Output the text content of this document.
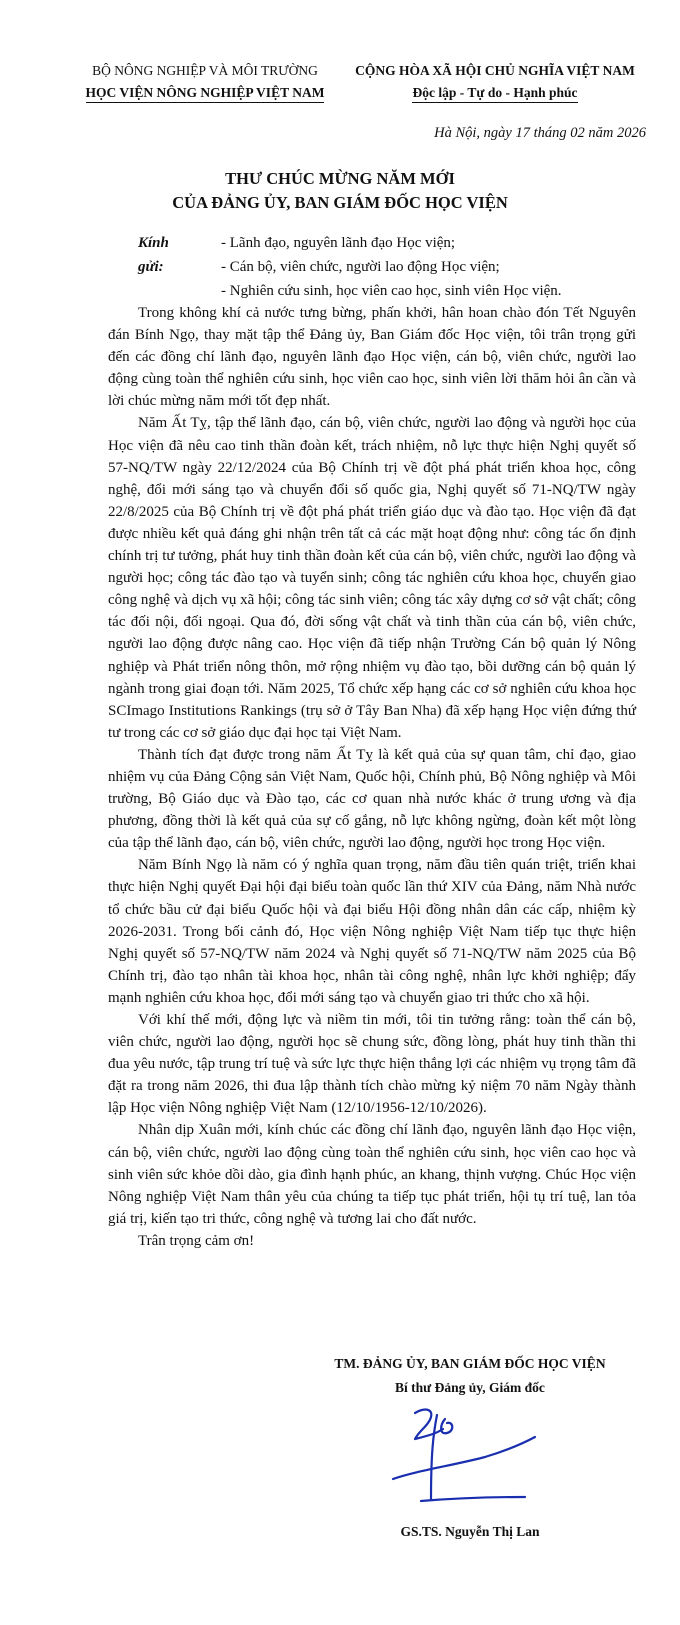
BỘ NÔNG NGHIỆP VÀ MÔI TRƯỜNG
HỌC VIỆN NÔNG NGHIỆP VIỆT NAM
CỘNG HÒA XÃ HỘI CHỦ NGHĨA VIỆT NAM
Độc lập - Tự do - Hạnh phúc
Hà Nội, ngày 17 tháng 02 năm 2026
THƯ CHÚC MỪNG NĂM MỚI
CỦA ĐẢNG ỦY, BAN GIÁM ĐỐC HỌC VIỆN
Kính gửi:
- Lãnh đạo, nguyên lãnh đạo Học viện;
- Cán bộ, viên chức, người lao động Học viện;
- Nghiên cứu sinh, học viên cao học, sinh viên Học viện.

Trong không khí cả nước tưng bừng, phấn khởi, hân hoan chào đón Tết Nguyên đán Bính Ngọ, thay mặt tập thể Đảng ủy, Ban Giám đốc Học viện, tôi trân trọng gửi đến các đồng chí lãnh đạo, nguyên lãnh đạo Học viện, cán bộ, viên chức, người lao động cùng toàn thể nghiên cứu sinh, học viên cao học, sinh viên lời thăm hỏi ân cần và lời chúc mừng năm mới tốt đẹp nhất.

Năm Ất Tỵ, tập thể lãnh đạo, cán bộ, viên chức, người lao động và người học của Học viện đã nêu cao tinh thần đoàn kết, trách nhiệm, nỗ lực thực hiện Nghị quyết số 57-NQ/TW ngày 22/12/2024 của Bộ Chính trị về đột phá phát triển khoa học, công nghệ, đổi mới sáng tạo và chuyển đổi số quốc gia, Nghị quyết số 71-NQ/TW ngày 22/8/2025 của Bộ Chính trị về đột phá phát triển giáo dục và đào tạo. Học viện đã đạt được nhiều kết quả đáng ghi nhận trên tất cả các mặt hoạt động như: công tác ổn định chính trị tư tưởng, phát huy tinh thần đoàn kết của cán bộ, viên chức, người lao động và người học; công tác đào tạo và tuyển sinh; công tác nghiên cứu khoa học, chuyển giao công nghệ và dịch vụ xã hội; công tác sinh viên; công tác xây dựng cơ sở vật chất; công tác đối nội, đối ngoại. Qua đó, đời sống vật chất và tinh thần của cán bộ, viên chức, người lao động được nâng cao. Học viện đã tiếp nhận Trường Cán bộ quản lý Nông nghiệp và Phát triển nông thôn, mở rộng nhiệm vụ đào tạo, bồi dưỡng cán bộ quản lý ngành trong giai đoạn tới. Năm 2025, Tổ chức xếp hạng các cơ sở nghiên cứu khoa học SCImago Institutions Rankings (trụ sở ở Tây Ban Nha) đã xếp hạng Học viện đứng thứ tư trong các cơ sở giáo dục đại học tại Việt Nam.

Thành tích đạt được trong năm Ất Tỵ là kết quả của sự quan tâm, chỉ đạo, giao nhiệm vụ của Đảng Cộng sản Việt Nam, Quốc hội, Chính phủ, Bộ Nông nghiệp và Môi trường, Bộ Giáo dục và Đào tạo, các cơ quan nhà nước khác ở trung ương và địa phương, đồng thời là kết quả của sự cố gắng, nỗ lực không ngừng, đoàn kết một lòng của tập thể lãnh đạo, cán bộ, viên chức, người lao động, người học trong Học viện.

Năm Bính Ngọ là năm có ý nghĩa quan trọng, năm đầu tiên quán triệt, triển khai thực hiện Nghị quyết Đại hội đại biểu toàn quốc lần thứ XIV của Đảng, năm Nhà nước tổ chức bầu cử đại biểu Quốc hội và đại biểu Hội đồng nhân dân các cấp, nhiệm kỳ 2026-2031. Trong bối cảnh đó, Học viện Nông nghiệp Việt Nam tiếp tục thực hiện Nghị quyết số 57-NQ/TW năm 2024 và Nghị quyết số 71-NQ/TW năm 2025 của Bộ Chính trị, đào tạo nhân tài khoa học, nhân tài công nghệ, nhân lực khởi nghiệp; đẩy mạnh nghiên cứu khoa học, đổi mới sáng tạo và chuyển giao tri thức cho xã hội.

Với khí thế mới, động lực và niềm tin mới, tôi tin tưởng rằng: toàn thể cán bộ, viên chức, người lao động, người học sẽ chung sức, đồng lòng, phát huy tinh thần thi đua yêu nước, tập trung trí tuệ và sức lực thực hiện thắng lợi các nhiệm vụ trọng tâm đã đặt ra trong năm 2026, thi đua lập thành tích chào mừng kỷ niệm 70 năm Ngày thành lập Học viện Nông nghiệp Việt Nam (12/10/1956-12/10/2026).

Nhân dịp Xuân mới, kính chúc các đồng chí lãnh đạo, nguyên lãnh đạo Học viện, cán bộ, viên chức, người lao động cùng toàn thể nghiên cứu sinh, học viên cao học và sinh viên sức khỏe dồi dào, gia đình hạnh phúc, an khang, thịnh vượng. Chúc Học viện Nông nghiệp Việt Nam thân yêu của chúng ta tiếp tục phát triển, hội tụ trí tuệ, lan tỏa giá trị, kiến tạo tri thức, công nghệ và tương lai cho đất nước.

Trân trọng cảm ơn!

TM. ĐẢNG ỦY, BAN GIÁM ĐỐC HỌC VIỆN
Bí thư Đảng ủy, Giám đốc
GS.TS. Nguyễn Thị Lan
